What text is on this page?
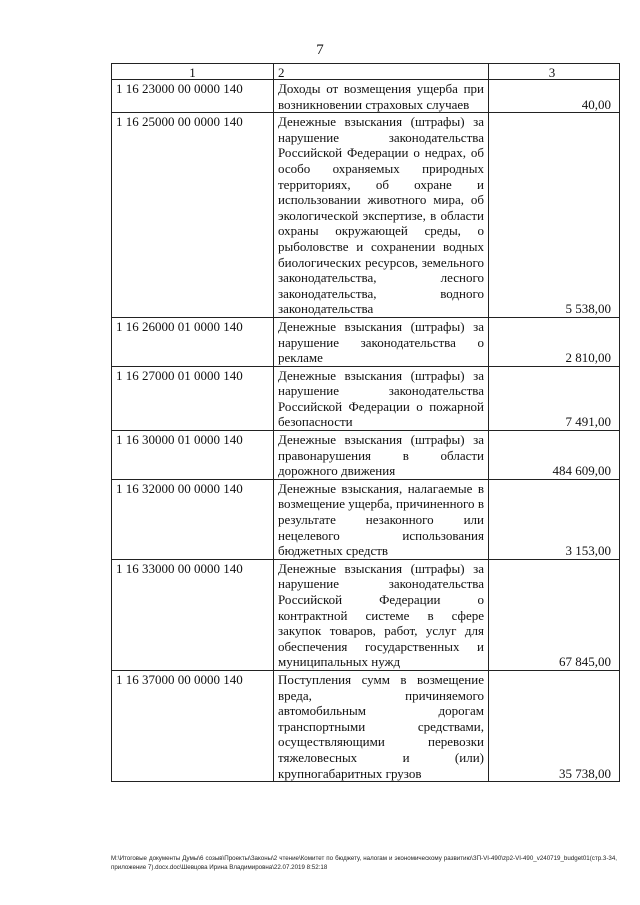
7
1	2	3
1 16 23000 00 0000 140	Доходы от возмещения ущерба при возникновении страховых случаев	40,00
1 16 25000 00 0000 140	Денежные взыскания (штрафы) за нарушение законодательства Российской Федерации о недрах, об особо охраняемых природных территориях, об охране и использовании животного мира, об экологической экспертизе, в области охраны окружающей среды, о рыболовстве и сохранении водных биологических ресурсов, земельного законодательства, лесного законодательства, водного законодательства	5 538,00
1 16 26000 01 0000 140	Денежные взыскания (штрафы) за нарушение законодательства о рекламе	2 810,00
1 16 27000 01 0000 140	Денежные взыскания (штрафы) за нарушение законодательства Российской Федерации о пожарной безопасности	7 491,00
1 16 30000 01 0000 140	Денежные взыскания (штрафы) за правонарушения в области дорожного движения	484 609,00
1 16 32000 00 0000 140	Денежные взыскания, налагаемые в возмещение ущерба, причиненного в результате незаконного или нецелевого использования бюджетных средств	3 153,00
1 16 33000 00 0000 140	Денежные взыскания (штрафы) за нарушение законодательства Российской Федерации о контрактной системе в сфере закупок товаров, работ, услуг для обеспечения государственных и муниципальных нужд	67 845,00
1 16 37000 00 0000 140	Поступления сумм в возмещение вреда, причиняемого автомобильным дорогам транспортными средствами, осуществляющими перевозки тяжеловесных и (или) крупногабаритных грузов	35 738,00
M:\Итоговые документы Думы\6 созыв\Проекты\Законы\2 чтение\Комитет по бюджету, налогам и экономическому развитию\ЗП-VI-490\zp2-VI-490_v240719_budget01(стр.3-34, приложение 7).docx.doc\Шевцова Ирина Владимировна\22.07.2019 8:52:18
